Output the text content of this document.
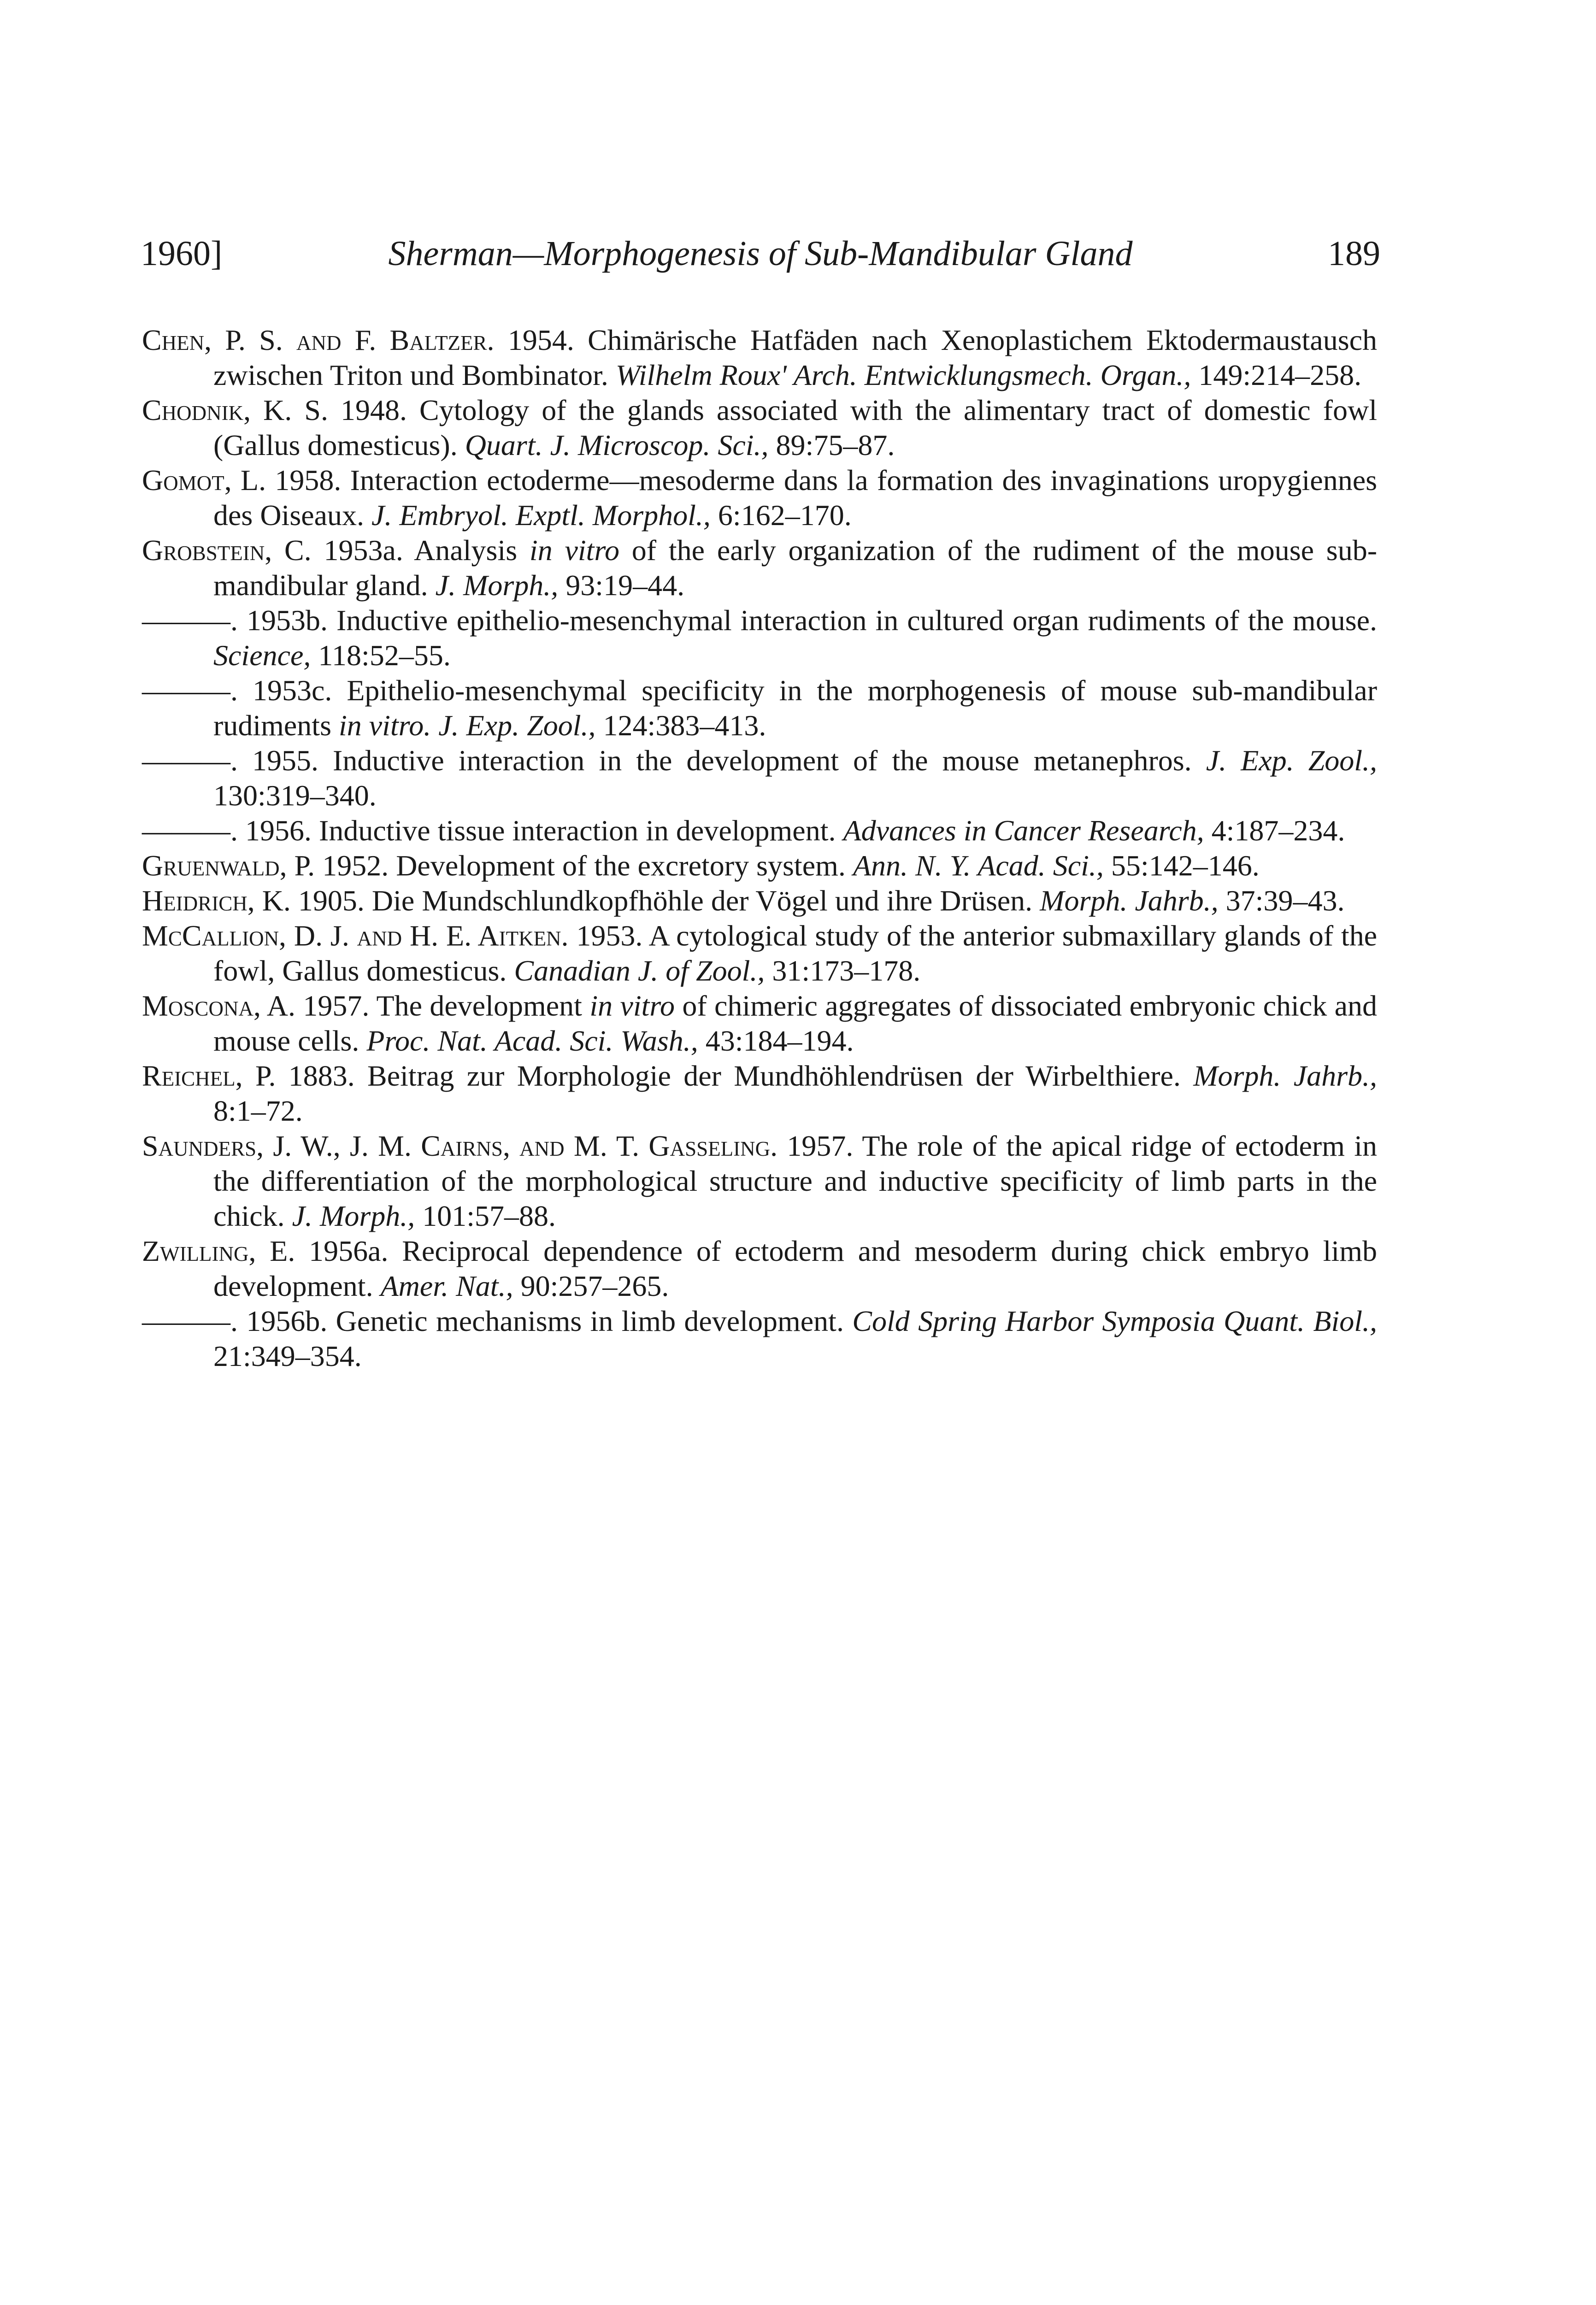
1960]	Sherman—Morphogenesis of Sub-Mandibular Gland	189

Chen, P. S. and F. Baltzer. 1954. Chimärische Hatfäden nach Xenoplastichem Ektodermaustausch zwischen Triton und Bombinator. Wilhelm Roux' Arch. Entwicklungsmech. Organ., 149:214–258.

Chodnik, K. S. 1948. Cytology of the glands associated with the alimentary tract of domestic fowl (Gallus domesticus). Quart. J. Microscop. Sci., 89:75–87.

Gomot, L. 1958. Interaction ectoderme—mesoderme dans la formation des invaginations uropygiennes des Oiseaux. J. Embryol. Exptl. Morphol., 6:162–170.

Grobstein, C. 1953a. Analysis in vitro of the early organization of the rudiment of the mouse sub-mandibular gland. J. Morph., 93:19–44.

———. 1953b. Inductive epithelio-mesenchymal interaction in cultured organ rudiments of the mouse. Science, 118:52–55.

———. 1953c. Epithelio-mesenchymal specificity in the morphogenesis of mouse sub-mandibular rudiments in vitro. J. Exp. Zool., 124:383–413.

———. 1955. Inductive interaction in the development of the mouse metanephros. J. Exp. Zool., 130:319–340.

———. 1956. Inductive tissue interaction in development. Advances in Cancer Research, 4:187–234.

Gruenwald, P. 1952. Development of the excretory system. Ann. N. Y. Acad. Sci., 55:142–146.

Heidrich, K. 1905. Die Mundschlundkopfhöhle der Vögel und ihre Drüsen. Morph. Jahrb., 37:39–43.

McCallion, D. J. and H. E. Aitken. 1953. A cytological study of the anterior submaxillary glands of the fowl, Gallus domesticus. Canadian J. of Zool., 31:173–178.

Moscona, A. 1957. The development in vitro of chimeric aggregates of dissociated embryonic chick and mouse cells. Proc. Nat. Acad. Sci. Wash., 43:184–194.

Reichel, P. 1883. Beitrag zur Morphologie der Mundhöhlendrüsen der Wirbelthiere. Morph. Jahrb., 8:1–72.

Saunders, J. W., J. M. Cairns, and M. T. Gasseling. 1957. The role of the apical ridge of ectoderm in the differentiation of the morphological structure and inductive specificity of limb parts in the chick. J. Morph., 101:57–88.

Zwilling, E. 1956a. Reciprocal dependence of ectoderm and mesoderm during chick embryo limb development. Amer. Nat., 90:257–265.

———. 1956b. Genetic mechanisms in limb development. Cold Spring Harbor Symposia Quant. Biol., 21:349–354.
